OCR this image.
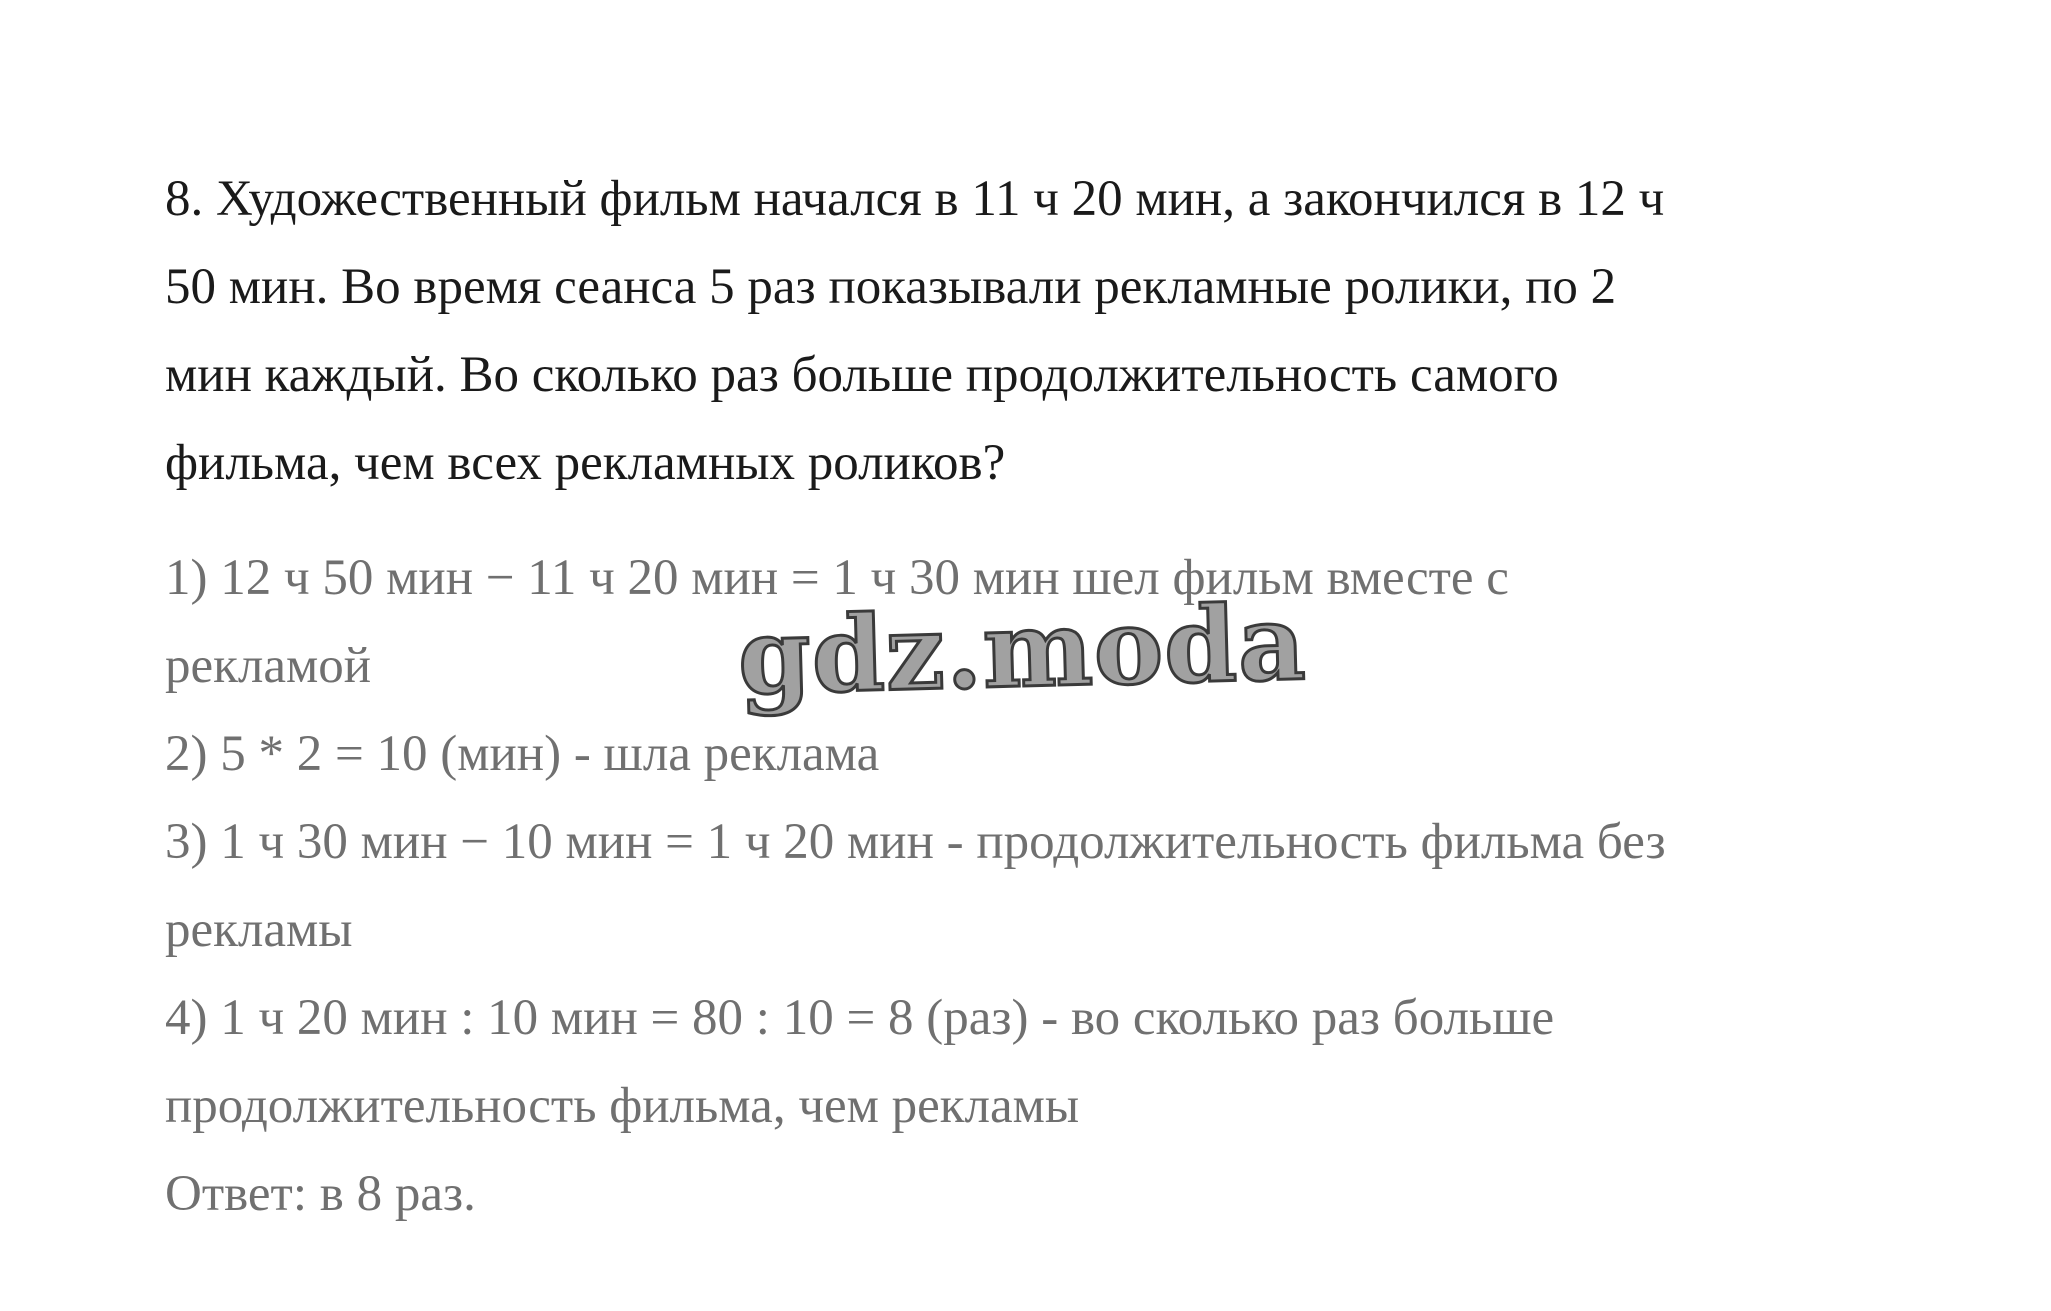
8. Художественный фильм начался в 11 ч 20 мин, а закончился в 12 ч
50 мин. Во время сеанса 5 раз показывали рекламные ролики, по 2
мин каждый. Во сколько раз больше продолжительность самого
фильма, чем всех рекламных роликов?
1) 12 ч 50 мин − 11 ч 20 мин = 1 ч 30 мин шел фильм вместе с
рекламой
2) 5 * 2 = 10 (мин) - шла реклама
3) 1 ч 30 мин − 10 мин = 1 ч 20 мин - продолжительность фильма без
рекламы
4) 1 ч 20 мин : 10 мин = 80 : 10 = 8 (раз) - во сколько раз больше
продолжительность фильма, чем рекламы
Ответ: в 8 раз.
gdz.moda
